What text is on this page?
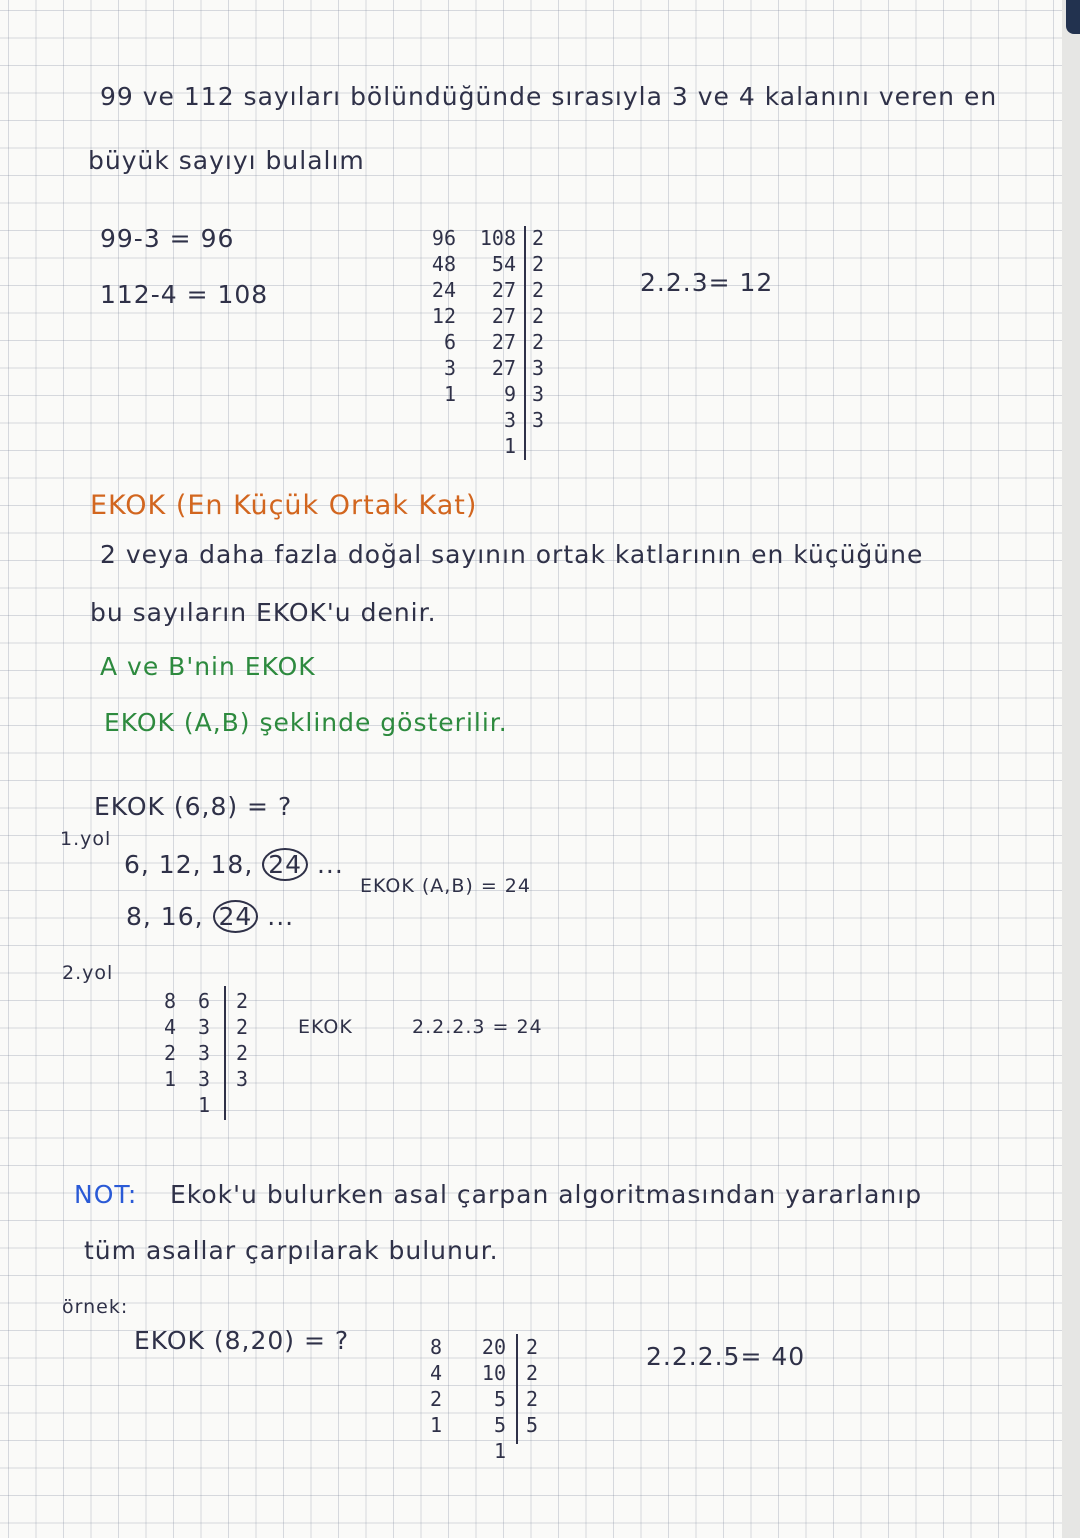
99 ve 112 sayıları bölündüğünde sırasıyla 3 ve 4 kalanını veren en
büyük sayıyı bulalım
99-3 = 96
112-4 = 108
96
48
24
12
6
3
1
108
54
27
27
27
27
9
3
1
2
2
2
2
2
3
3
3
2.2.3= 12
EKOK (En Küçük Ortak Kat)
2 veya daha fazla doğal sayının ortak katlarının en küçüğüne
bu sayıların EKOK'u denir.
A ve B'nin EKOK
EKOK (A,B) şeklinde gösterilir.
EKOK (6,8) = ?
1.yol
6, 12, 18, 24 ...
8, 16, 24 ...
EKOK (A,B) = 24
2.yol
8
4
2
1
6
3
3
3
1
2
2
2
3
EKOK	2.2.2.3 = 24
NOT: Ekok'u bulurken asal çarpan algoritmasından yararlanıp
tüm asallar çarpılarak bulunur.
örnek:
EKOK (8,20) = ?	8
4
2
1
20
10
5
5
1
2
2
2
5
2.2.2.5= 40
